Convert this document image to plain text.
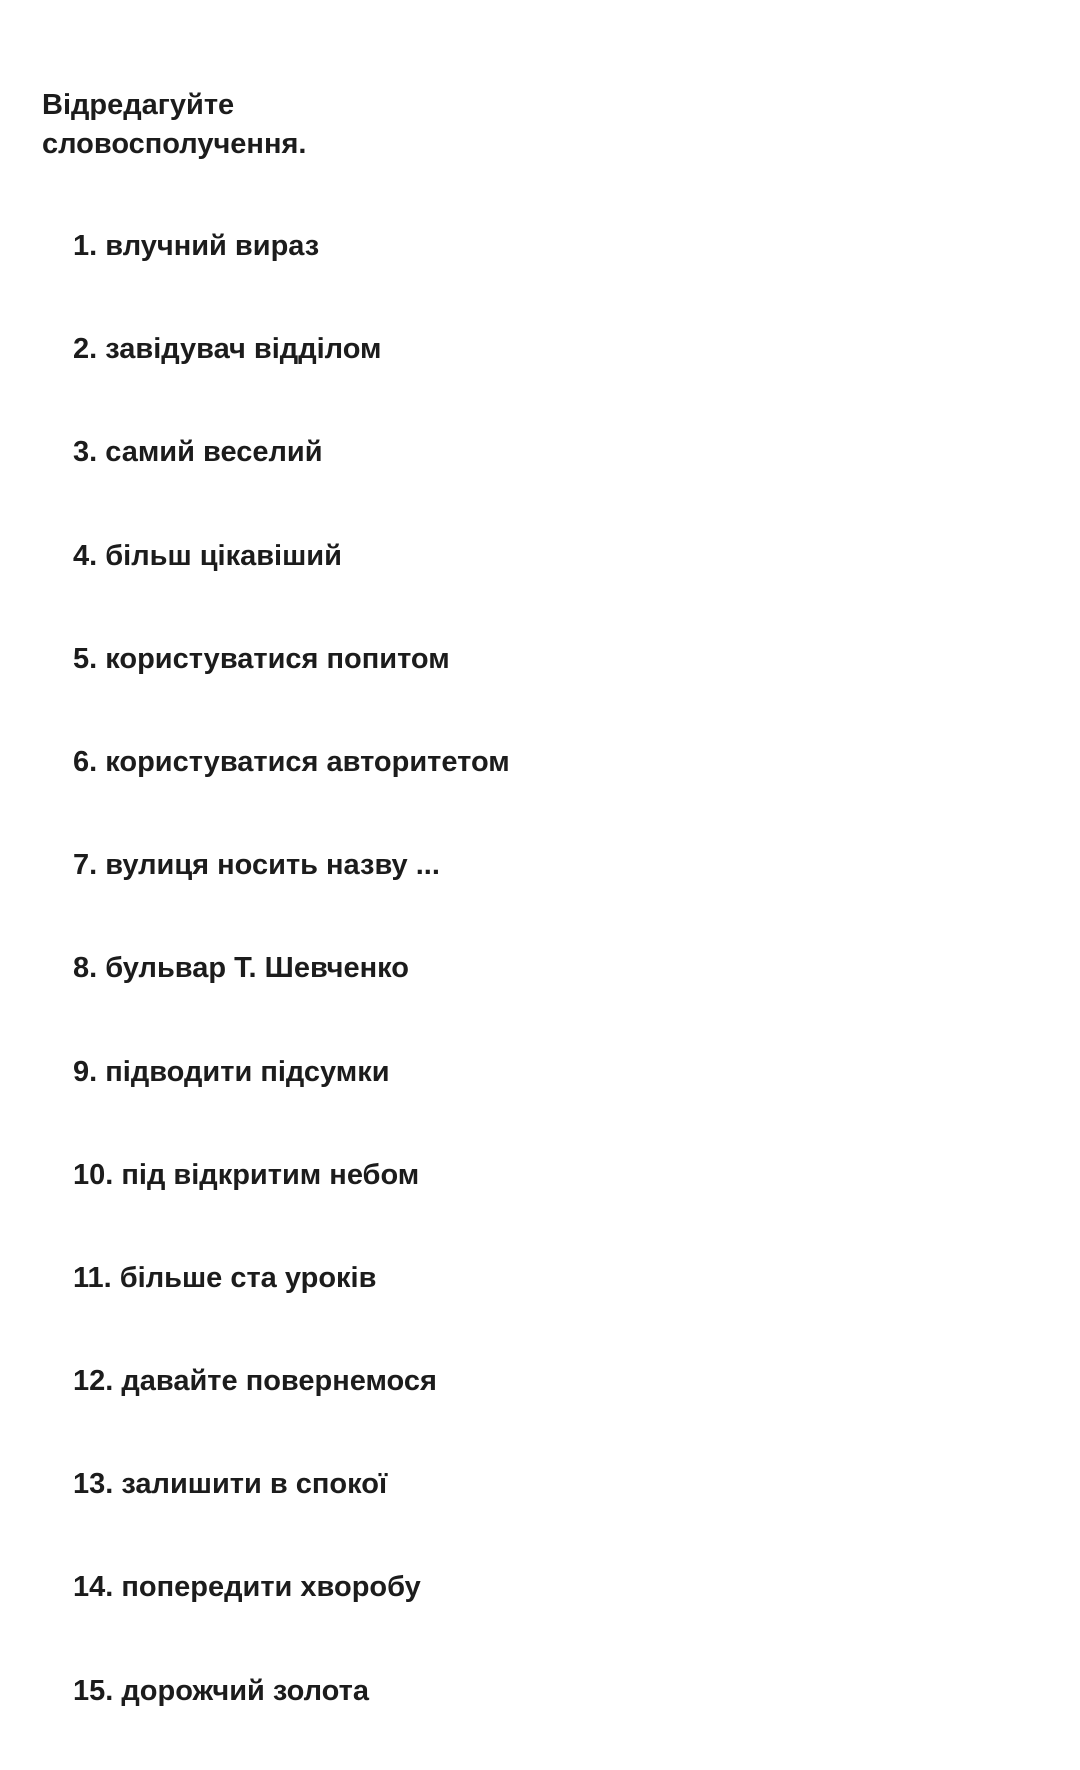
Відредагуйте
словосполучення.
1. влучний вираз
2. завідувач відділом
3. самий веселий
4. більш цікавіший
5. користуватися попитом
6. користуватися авторитетом
7. вулиця носить назву ...
8. бульвар Т. Шевченко
9. підводити підсумки
10. під відкритим небом
11. більше ста уроків
12. давайте повернемося
13. залишити в спокої
14. попередити хворобу
15. дорожчий золота
